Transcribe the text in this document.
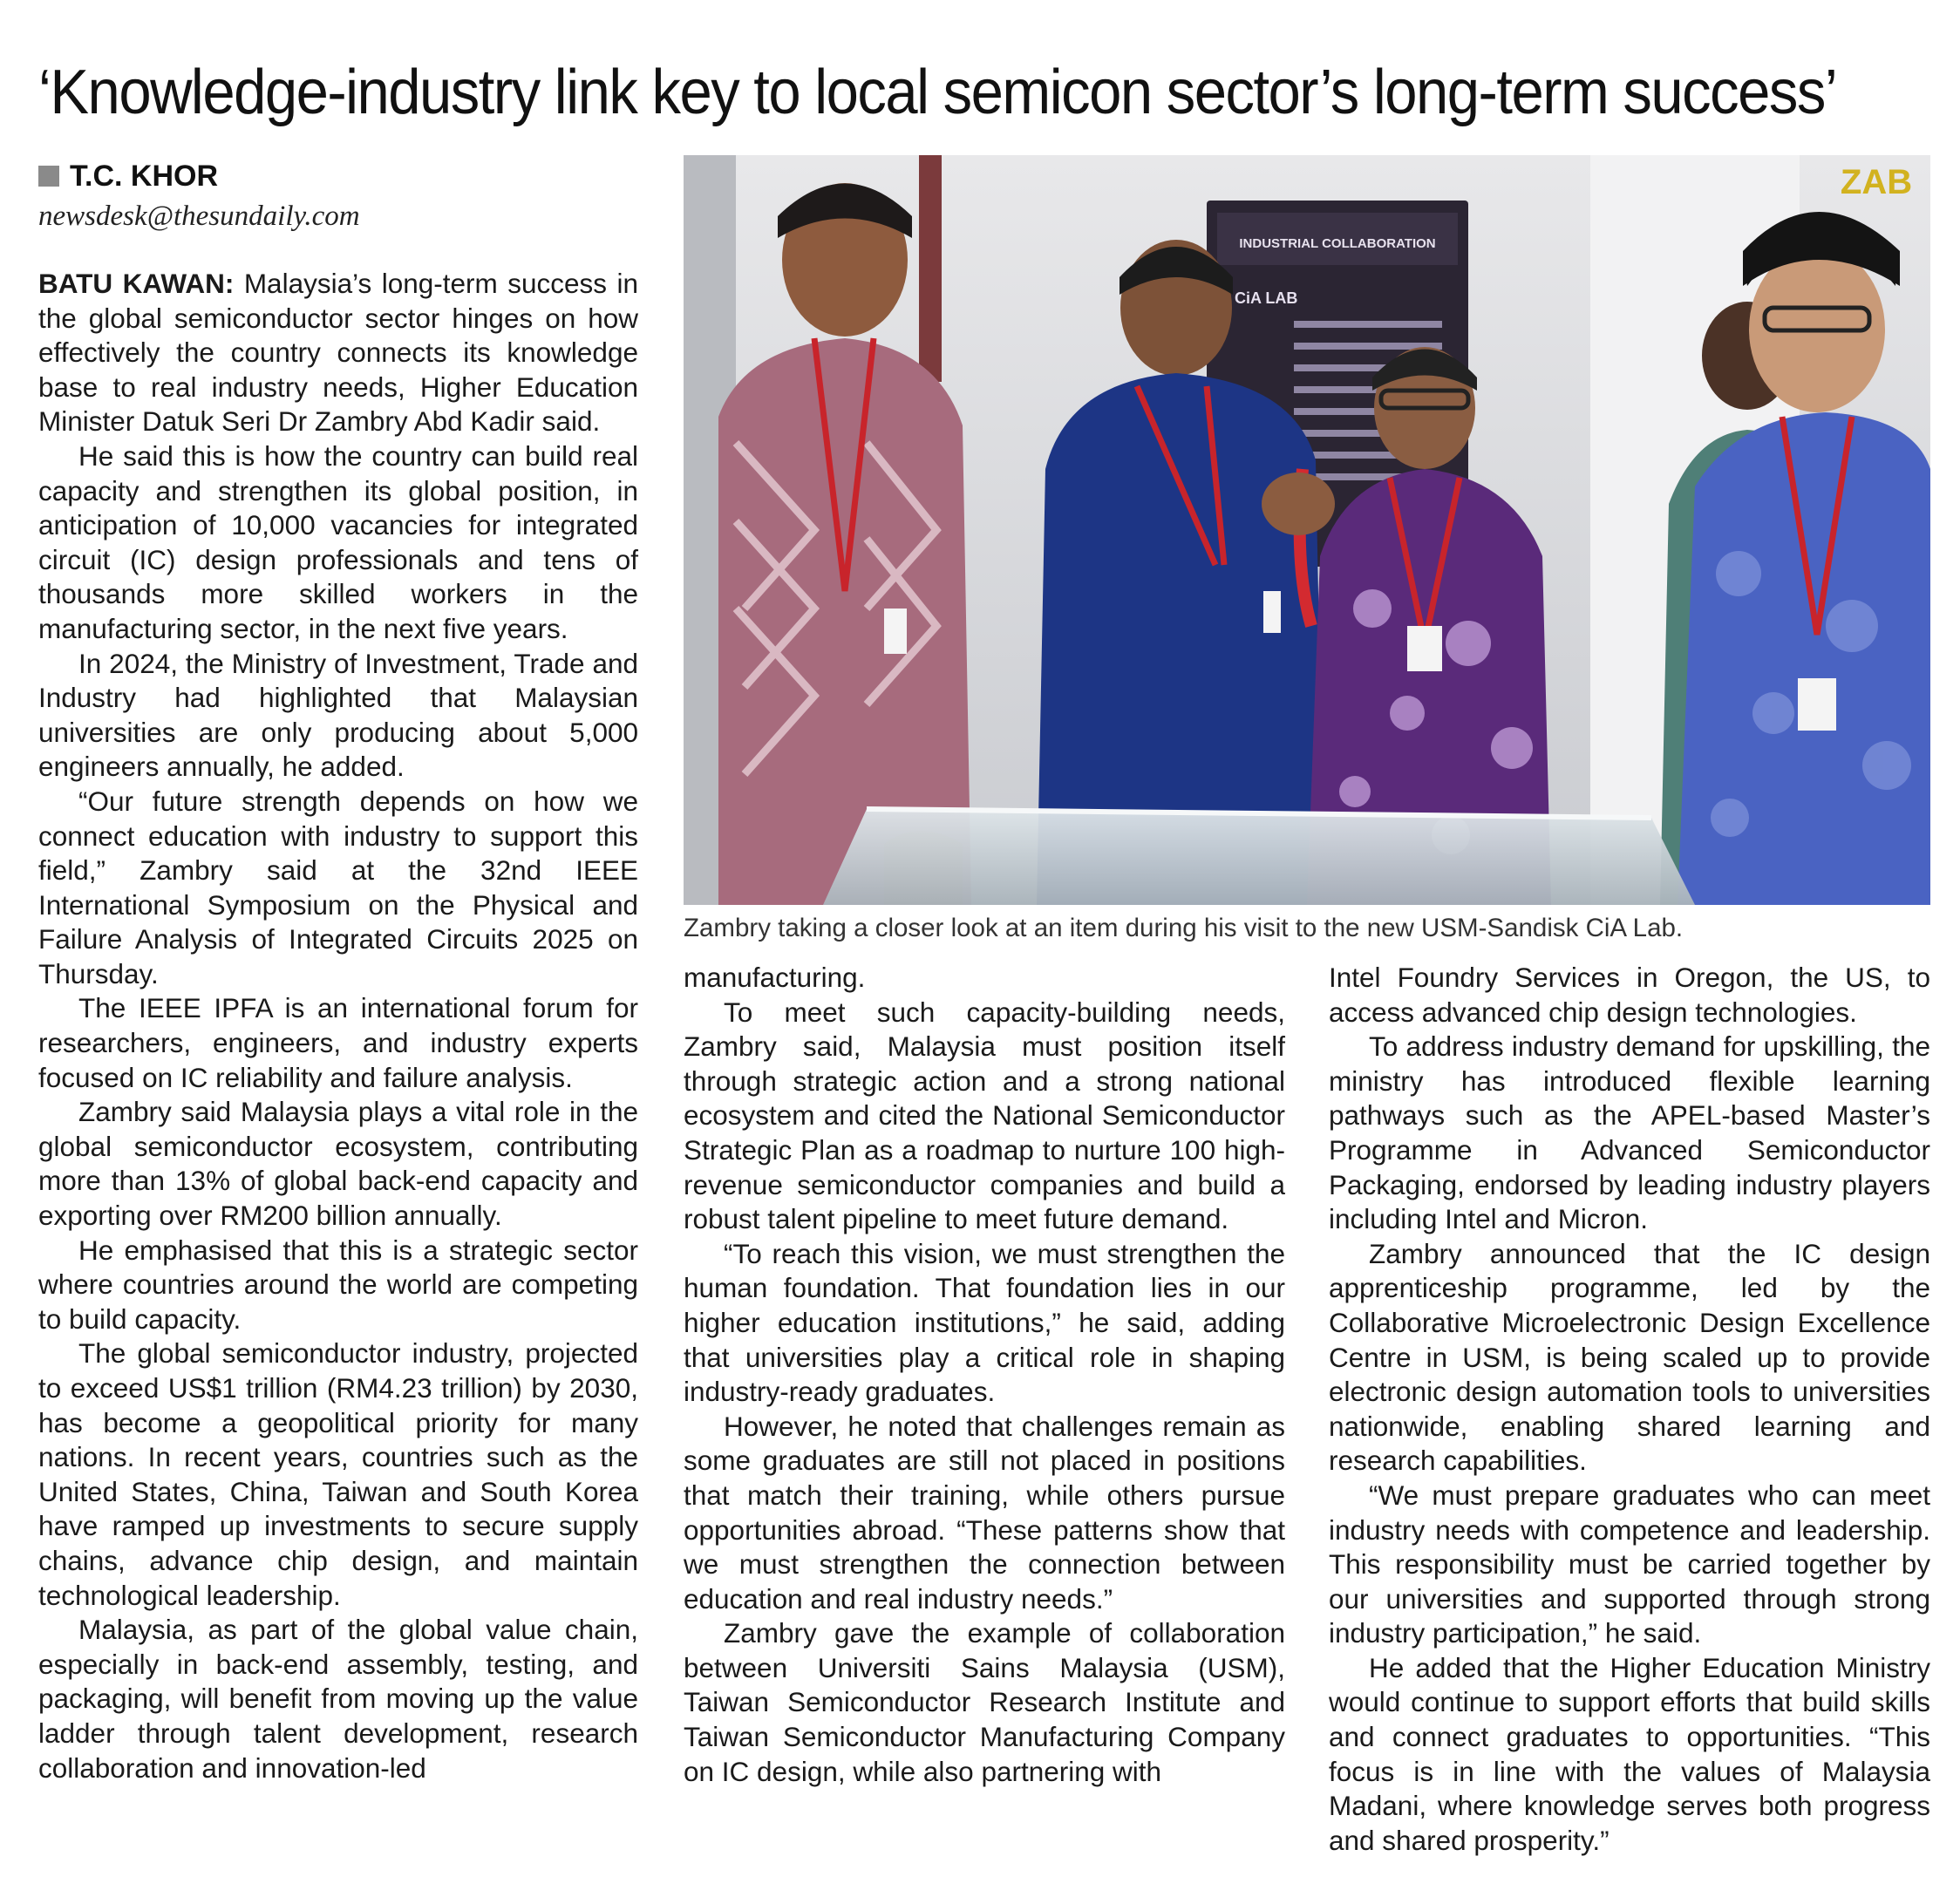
‘Knowledge-industry link key to local semicon sector’s long-term success’
T.C. KHOR
newsdesk@thesundaily.com

BATU KAWAN: Malaysia’s long-term success in the global semiconductor sector hinges on how effectively the country connects its knowledge base to real industry needs, Higher Education Minister Datuk Seri Dr Zambry Abd Kadir said.

He said this is how the country can build real capacity and strengthen its global position, in anticipation of 10,000 vacancies for integrated circuit (IC) design professionals and tens of thousands more skilled workers in the manufacturing sector, in the next five years.

In 2024, the Ministry of Investment, Trade and Industry had highlighted that Malaysian universities are only producing about 5,000 engineers annually, he added.

“Our future strength depends on how we connect education with industry to support this field,” Zambry said at the 32nd IEEE International Symposium on the Physical and Failure Analysis of Integrated Circuits 2025 on Thursday.

The IEEE IPFA is an international forum for researchers, engineers, and industry experts focused on IC reliability and failure analysis.

Zambry said Malaysia plays a vital role in the global semiconductor ecosystem, contributing more than 13% of global back-end capacity and exporting over RM200 billion annually.

He emphasised that this is a strategic sector where countries around the world are competing to build capacity.

The global semiconductor industry, projected to exceed US$1 trillion (RM4.23 trillion) by 2030, has become a geopolitical priority for many nations. In recent years, countries such as the United States, China, Taiwan and South Korea have ramped up investments to secure supply chains, advance chip design, and maintain technological leadership.

Malaysia, as part of the global value chain, especially in back-end assembly, testing, and packaging, will benefit from moving up the value ladder through talent development, research collaboration and innovation-led

INDUSTRIAL COLLABORATION
CiA LAB
ZAB
Zambry taking a closer look at an item during his visit to the new USM-Sandisk CiA Lab.

manufacturing.

To meet such capacity-building needs, Zambry said, Malaysia must position itself through strategic action and a strong national ecosystem and cited the National Semiconductor Strategic Plan as a roadmap to nurture 100 high-revenue semiconductor companies and build a robust talent pipeline to meet future demand.

“To reach this vision, we must strengthen the human foundation. That foundation lies in our higher education institutions,” he said, adding that universities play a critical role in shaping industry-ready graduates.

However, he noted that challenges remain as some graduates are still not placed in positions that match their training, while others pursue opportunities abroad. “These patterns show that we must strengthen the connection between education and real industry needs.”

Zambry gave the example of collaboration between Universiti Sains Malaysia (USM), Taiwan Semiconductor Research Institute and Taiwan Semiconductor Manufacturing Company on IC design, while also partnering with

Intel Foundry Services in Oregon, the US, to access advanced chip design technologies.

To address industry demand for upskilling, the ministry has introduced flexible learning pathways such as the APEL-based Master’s Programme in Advanced Semiconductor Packaging, endorsed by leading industry players including Intel and Micron.

Zambry announced that the IC design apprenticeship programme, led by the Collaborative Microelectronic Design Excellence Centre in USM, is being scaled up to provide electronic design automation tools to universities nationwide, enabling shared learning and research capabilities.

“We must prepare graduates who can meet industry needs with competence and leadership. This responsibility must be carried together by our universities and supported through strong industry participation,” he said.

He added that the Higher Education Ministry would continue to support efforts that build skills and connect graduates to opportunities. “This focus is in line with the values of Malaysia Madani, where knowledge serves both progress and shared prosperity.”
